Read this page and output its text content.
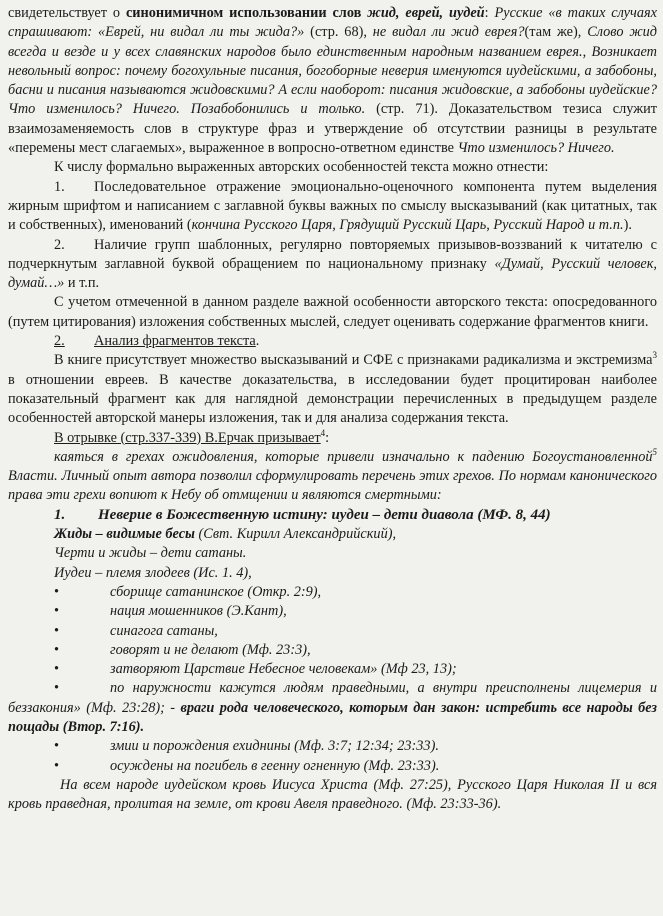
свидетельствует о синонимичном использовании слов жид, еврей, иудей: Русские «в таких случаях спрашивают: «Еврей, ни видал ли ты жида?» (стр. 68), не видал ли жид еврея?(там же), Слово жид всегда и везде и у всех славянских народов было единственным народным названием еврея., Возникает невольный вопрос: почему богохульные писания, богоборные неверия именуются иудейскими, а забобоны, басни и писания называются жидовскими? А если наоборот: писания жидовские, а забобоны иудейские? Что изменилось? Ничего. Позабобонились и только. (стр. 71). Доказательством тезиса служит взаимозаменяемость слов в структуре фраз и утверждение об отсутствии разницы в результате «перемены мест слагаемых», выраженное в вопросно-ответном единстве Что изменилось? Ничего.

К числу формально выраженных авторских особенностей текста можно отнести:

1. Последовательное отражение эмоционально-оценочного компонента путем выделения жирным шрифтом и написанием с заглавной буквы важных по смыслу высказываний (как цитатных, так и собственных), именований (кончина Русского Царя, Грядущий Русский Царь, Русский Народ и т.п.).

2. Наличие групп шаблонных, регулярно повторяемых призывов-воззваний к читателю с подчеркнутым заглавной буквой обращением по национальному признаку «Думай, Русский человек, думай…» и т.п.

С учетом отмеченной в данном разделе важной особенности авторского текста: опосредованного (путем цитирования) изложения собственных мыслей, следует оценивать содержание фрагментов книги.

2. Анализ фрагментов текста.

В книге присутствует множество высказываний и СФЕ с признаками радикализма и экстремизма$^3$ в отношении евреев. В качестве доказательства, в исследовании будет процитирован наиболее показательный фрагмент как для наглядной демонстрации перечисленных в предыдущем разделе особенностей авторской манеры изложения, так и для анализа содержания текста.

В отрывке (стр.337-339) В.Ерчак призывает$^4$:

каяться в грехах ожидовления, которые привели изначально к падению Богоустановленной$^5$ Власти. Личный опыт автора позволил сформулировать перечень этих грехов. По нормам канонического права эти грехи вопиют к Небу об отмщении и являются смертными:

1. Неверие в Божественную истину: иудеи – дети диавола (МФ. 8, 44)

Жиды – видимые бесы (Свт. Кирилл Александрийский),

Черти и жиды – дети сатаны.

Иудеи – племя злодеев (Ис. 1. 4),

•	сборище сатанинское (Откр. 2:9),
•	нация мошенников (Э.Кант),
•	синагога сатаны,
•	говорят и не делают (Мф. 23:3),
•	затворяют Царствие Небесное человекам» (Мф 23, 13);

•	по наружности кажутся людям праведными, а внутри преисполнены лицемерия и беззакония» (Мф. 23:28); - враги рода человеческого, которым дан закон: истребить все народы без пощады (Втор. 7:16).

•	змии и порождения ехиднины (Мф. 3:7; 12:34; 23:33).
•	осуждены на погибель в геенну огненную (Мф. 23:33).

На всем народе иудейском кровь Иисуса Христа (Мф. 27:25), Русского Царя Николая II и вся кровь праведная, пролитая на земле, от крови Авеля праведного. (Мф. 23:33-36).
